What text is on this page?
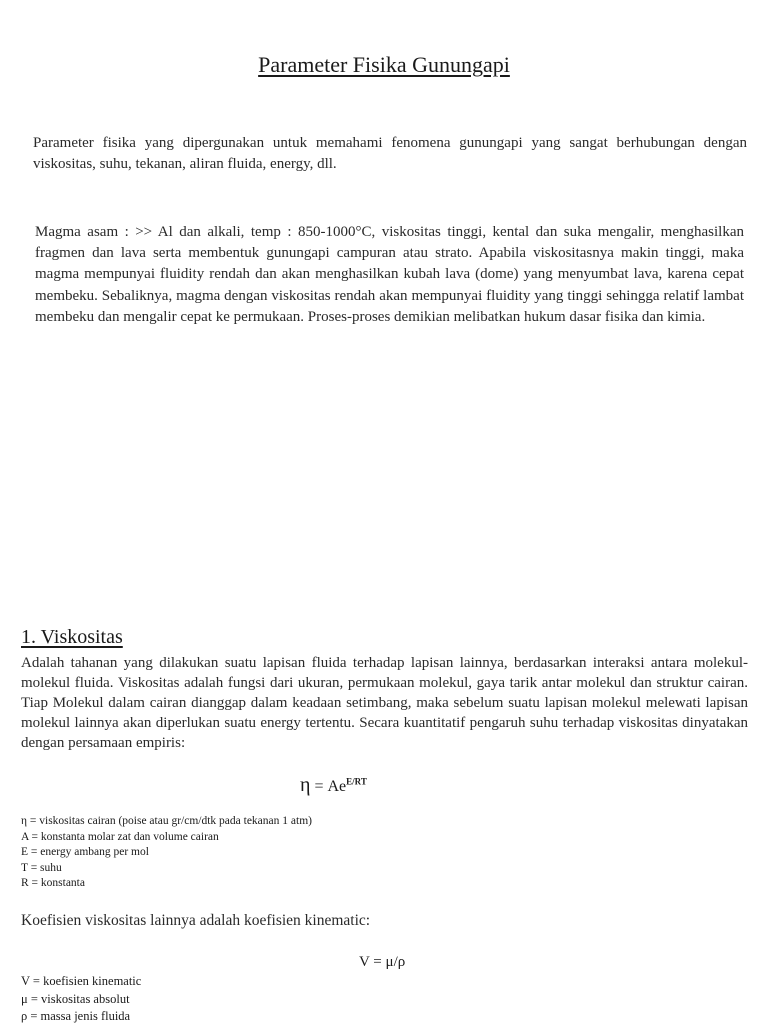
Parameter Fisika Gunungapi

Parameter fisika yang dipergunakan untuk memahami fenomena gunungapi yang sangat berhubungan dengan viskositas, suhu, tekanan, aliran fluida, energy, dll.

Magma asam : >> Al dan alkali, temp : 850-1000°C, viskositas tinggi, kental dan suka mengalir, menghasilkan fragmen dan lava serta membentuk gunungapi campuran atau strato. Apabila viskositasnya makin tinggi, maka magma mempunyai fluidity rendah dan akan menghasilkan kubah lava (dome) yang menyumbat lava, karena cepat membeku. Sebaliknya, magma dengan viskositas rendah akan mempunyai fluidity yang tinggi sehingga relatif lambat membeku dan mengalir cepat ke permukaan. Proses-proses demikian melibatkan hukum dasar fisika dan kimia.

1. Viskositas

Adalah tahanan yang dilakukan suatu lapisan fluida terhadap lapisan lainnya, berdasarkan interaksi antara molekul-molekul fluida. Viskositas adalah fungsi dari ukuran, permukaan molekul, gaya tarik antar molekul dan struktur cairan. Tiap Molekul dalam cairan dianggap dalam keadaan setimbang, maka sebelum suatu lapisan molekul melewati lapisan molekul lainnya akan diperlukan suatu energy tertentu. Secara kuantitatif pengaruh suhu terhadap viskositas dinyatakan dengan persamaan empiris:

$\eta = Ae^{E/RT}$

η = viskositas cairan (poise atau gr/cm/dtk pada tekanan 1 atm)
A = konstanta molar zat dan volume cairan
E = energy ambang per mol
T = suhu
R = konstanta

Koefisien viskositas lainnya adalah koefisien kinematic:

V = μ/ρ

V = koefisien kinematic
μ = viskositas absolut
ρ = massa jenis fluida
